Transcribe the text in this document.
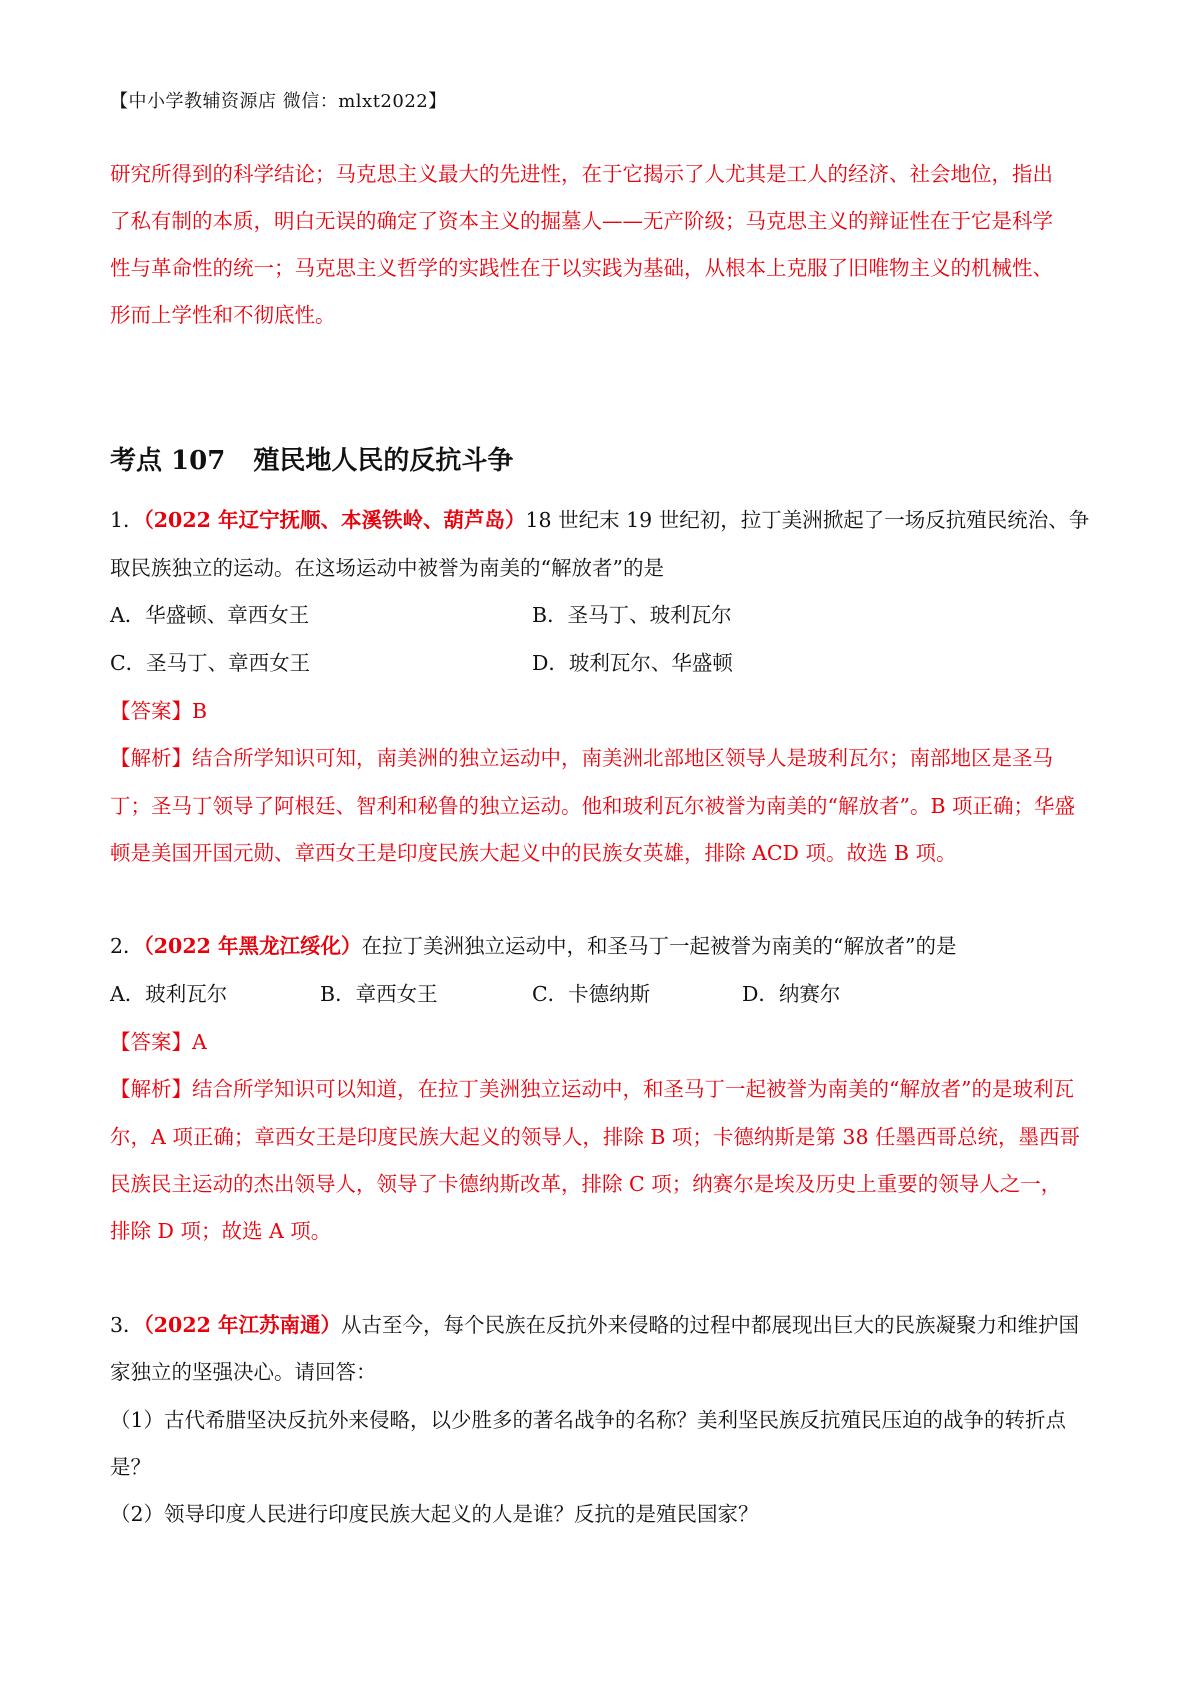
【中小学教辅资源店 微信：mlxt2022】
研究所得到的科学结论；马克思主义最大的先进性，在于它揭示了人尤其是工人的经济、社会地位，指出
了私有制的本质，明白无误的确定了资本主义的掘墓人——无产阶级；马克思主义的辩证性在于它是科学
性与革命性的统一；马克思主义哲学的实践性在于以实践为基础，从根本上克服了旧唯物主义的机械性、
形而上学性和不彻底性。
考点 107 殖民地人民的反抗斗争
1．（2022 年辽宁抚顺、本溪铁岭、葫芦岛）18 世纪末 19 世纪初，拉丁美洲掀起了一场反抗殖民统治、争
取民族独立的运动。在这场运动中被誉为南美的“解放者”的是
A．华盛顿、章西女王	B．圣马丁、玻利瓦尔
C．圣马丁、章西女王	D．玻利瓦尔、华盛顿
【答案】B
【解析】结合所学知识可知，南美洲的独立运动中，南美洲北部地区领导人是玻利瓦尔；南部地区是圣马
丁；圣马丁领导了阿根廷、智利和秘鲁的独立运动。他和玻利瓦尔被誉为南美的“解放者”。B 项正确；华盛
顿是美国开国元勋、章西女王是印度民族大起义中的民族女英雄，排除 ACD 项。故选 B 项。
2．（2022 年黑龙江绥化）在拉丁美洲独立运动中，和圣马丁一起被誉为南美的“解放者”的是
A．玻利瓦尔	B．章西女王	C．卡德纳斯	D．纳赛尔
【答案】A
【解析】结合所学知识可以知道，在拉丁美洲独立运动中，和圣马丁一起被誉为南美的“解放者”的是玻利瓦
尔，A 项正确；章西女王是印度民族大起义的领导人，排除 B 项；卡德纳斯是第 38 任墨西哥总统，墨西哥
民族民主运动的杰出领导人，领导了卡德纳斯改革，排除 C 项；纳赛尔是埃及历史上重要的领导人之一，
排除 D 项；故选 A 项。
3．（2022 年江苏南通）从古至今，每个民族在反抗外来侵略的过程中都展现出巨大的民族凝聚力和维护国
家独立的坚强决心。请回答：
（1）古代希腊坚决反抗外来侵略，以少胜多的著名战争的名称？美利坚民族反抗殖民压迫的战争的转折点
是？
（2）领导印度人民进行印度民族大起义的人是谁？反抗的是殖民国家？
